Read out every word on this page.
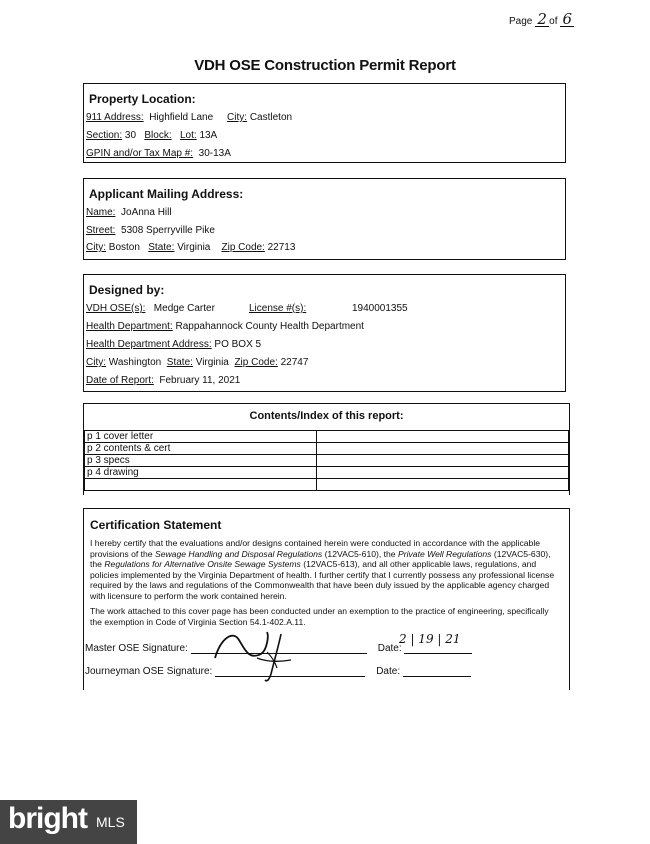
Page 2 of 6
VDH OSE Construction Permit Report
Property Location:
911 Address: Highfield Lane City: Castleton
Section: 30 Block: Lot: 13A
GPIN and/or Tax Map #: 30-13A
Applicant Mailing Address:
Name: JoAnna Hill
Street: 5308 Sperryville Pike
City: Boston State: Virginia Zip Code: 22713
Designed by:
VDH OSE(s): Medge Carter	License #(s):	1940001355
Health Department: Rappahannock County Health Department
Health Department Address: PO BOX 5
City: Washington State: Virginia Zip Code: 22747
Date of Report: February 11, 2021
Contents/Index of this report:
p 1 cover letter	
p 2 contents & cert	
p 3 specs	
p 4 drawing	

Certification Statement

I hereby certify that the evaluations and/or designs contained herein were conducted in accordance with the applicable provisions of the Sewage Handling and Disposal Regulations (12VAC5-610), the Private Well Regulations (12VAC5-630), the Regulations for Alternative Onsite Sewage Systems (12VAC5-613), and all other applicable laws, regulations, and policies implemented by the Virginia Department of health. I further certify that I currently possess any professional license required by the laws and regulations of the Commonwealth that have been duly issued by the applicable agency charged with licensure to perform the work contained herein.

The work attached to this cover page has been conducted under an exemption to the practice of engineering, specifically the exemption in Code of Virginia Section 54.1-402.A.11.

Master OSE Signature:	Date:
2 | 19 | 21
Journeyman OSE Signature:	Date:
bright MLS
